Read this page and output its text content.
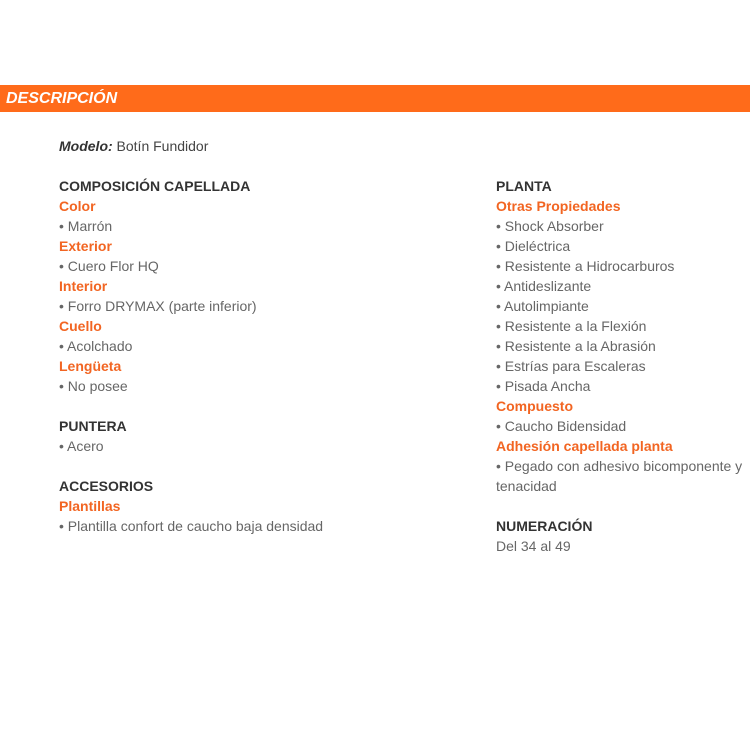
DESCRIPCIÓN
Modelo: Botín Fundidor
COMPOSICIÓN CAPELLADA
Color
• Marrón
Exterior
• Cuero Flor HQ
Interior
• Forro DRYMAX (parte inferior)
Cuello
• Acolchado
Lengüeta
• No posee
PUNTERA
• Acero
ACCESORIOS
Plantillas
• Plantilla confort de caucho baja densidad
PLANTA
Otras Propiedades
• Shock Absorber
• Dieléctrica
• Resistente a Hidrocarburos
• Antideslizante
• Autolimpiante
• Resistente a la Flexión
• Resistente a la Abrasión
• Estrías para Escaleras
• Pisada Ancha
Compuesto
• Caucho Bidensidad
Adhesión capellada planta
• Pegado con adhesivo bicomponente y tenacidad
NUMERACIÓN
Del 34 al 49
